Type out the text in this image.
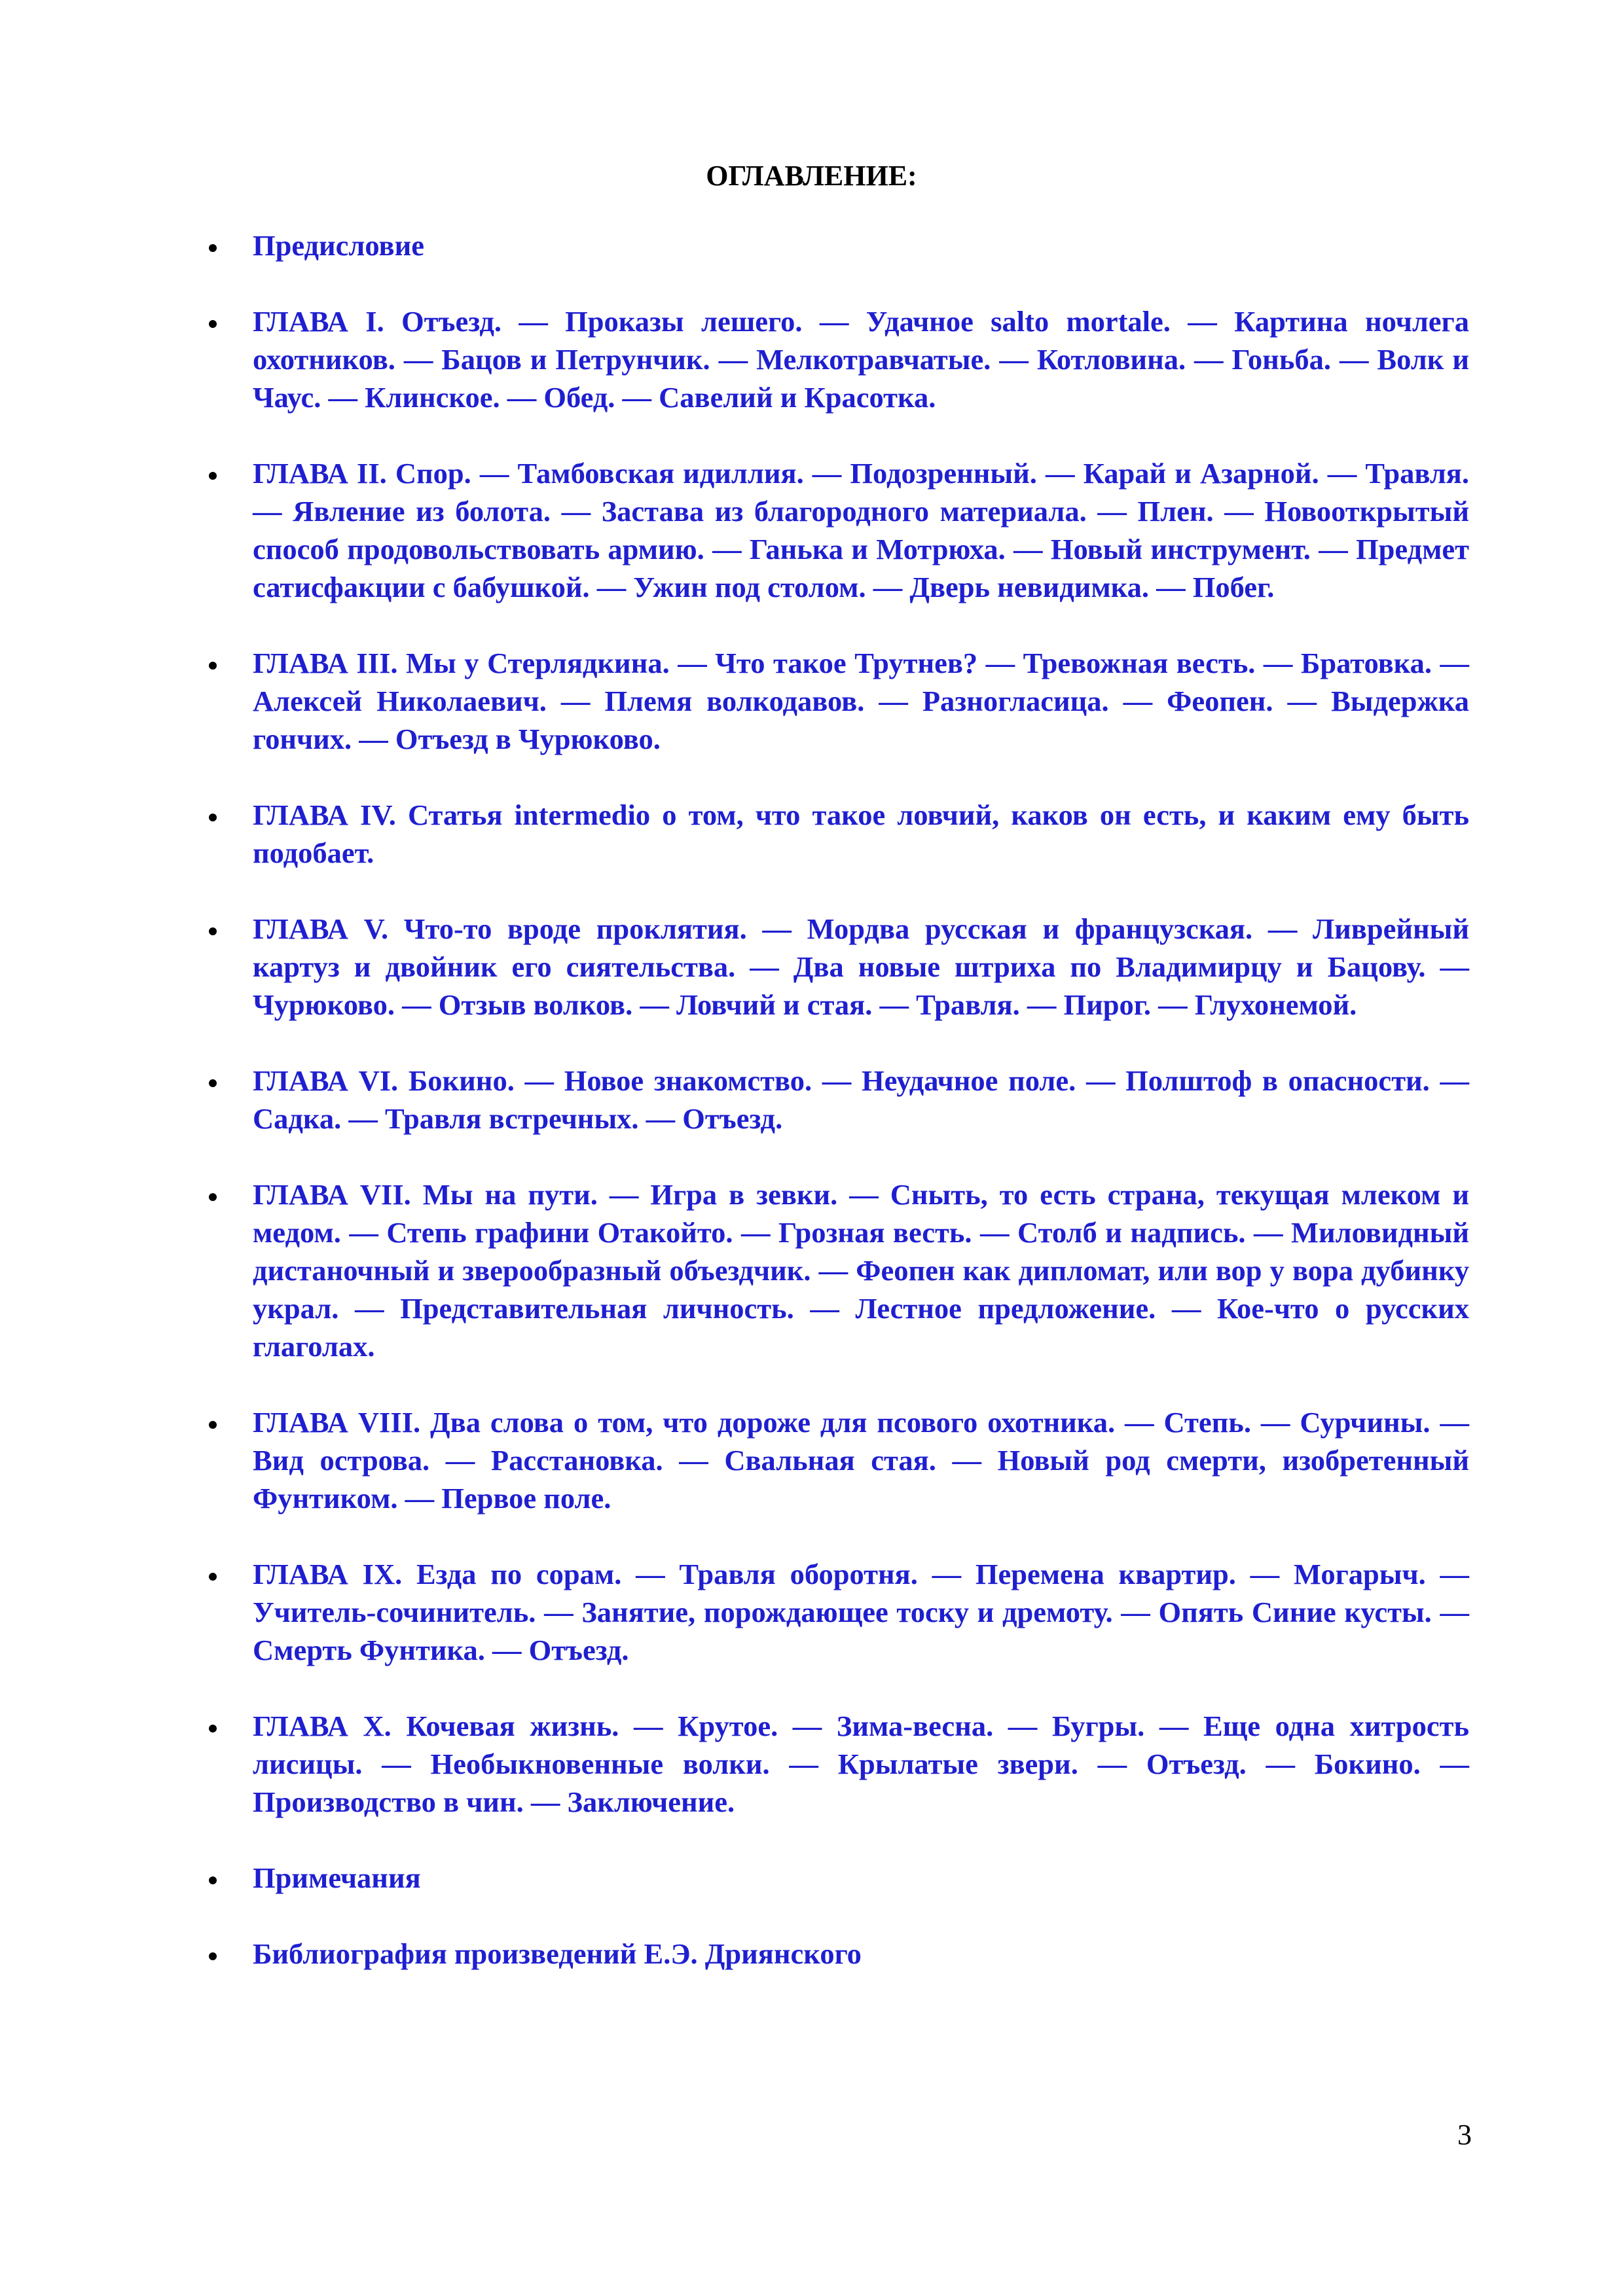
ОГЛАВЛЕНИЕ:
Предисловие
ГЛАВА I. Отъезд. — Проказы лешего. — Удачное salto mortale. — Картина ночлега охотников. — Бацов и Петрунчик. — Мелкотравчатые. — Котловина. — Гоньба. — Волк и Чаус. — Клинское. — Обед. — Савелий и Красотка.
ГЛАВА II. Спор. — Тамбовская идиллия. — Подозренный. — Карай и Азарной. — Травля. — Явление из болота. — Застава из благородного материала. — Плен. — Новооткрытый способ продовольствовать армию. — Ганька и Мотрюха. — Новый инструмент. — Предмет сатисфакции с бабушкой. — Ужин под столом. — Дверь невидимка. — Побег.
ГЛАВА III. Мы у Стерлядкина. — Что такое Трутнев? — Тревожная весть. — Братовка. — Алексей Николаевич. — Племя волкодавов. — Разногласица. — Феопен. — Выдержка гончих. — Отъезд в Чурюково.
ГЛАВА IV. Статья intermedio о том, что такое ловчий, каков он есть, и каким ему быть подобает.
ГЛАВА V. Что-то вроде проклятия. — Мордва русская и французская. — Ливрейный картуз и двойник его сиятельства. — Два новые штриха по Владимирцу и Бацову. — Чурюково. — Отзыв волков. — Ловчий и стая. — Травля. — Пирог. — Глухонемой.
ГЛАВА VI. Бокино. — Новое знакомство. — Неудачное поле. — Полштоф в опасности. — Садка. — Травля встречных. — Отъезд.
ГЛАВА VII. Мы на пути. — Игра в зевки. — Сныть, то есть страна, текущая млеком и медом. — Степь графини Отакойто. — Грозная весть. — Столб и надпись. — Миловидный дистаночный и зверообразный объездчик. — Феопен как дипломат, или вор у вора дубинку украл. — Представительная личность. — Лестное предложение. — Кое-что о русских глаголах.
ГЛАВА VIII. Два слова о том, что дороже для псового охотника. — Степь. — Сурчины. — Вид острова. — Расстановка. — Свальная стая. — Новый род смерти, изобретенный Фунтиком. — Первое поле.
ГЛАВА IX. Езда по сорам. — Травля оборотня. — Перемена квартир. — Могарыч. — Учитель-сочинитель. — Занятие, порождающее тоску и дремоту. — Опять Синие кусты. — Смерть Фунтика. — Отъезд.
ГЛАВА X. Кочевая жизнь. — Крутое. — Зима-весна. — Бугры. — Еще одна хитрость лисицы. — Необыкновенные волки. — Крылатые звери. — Отъезд. — Бокино. — Производство в чин. — Заключение.
Примечания
Библиография произведений Е.Э. Дриянского
3
